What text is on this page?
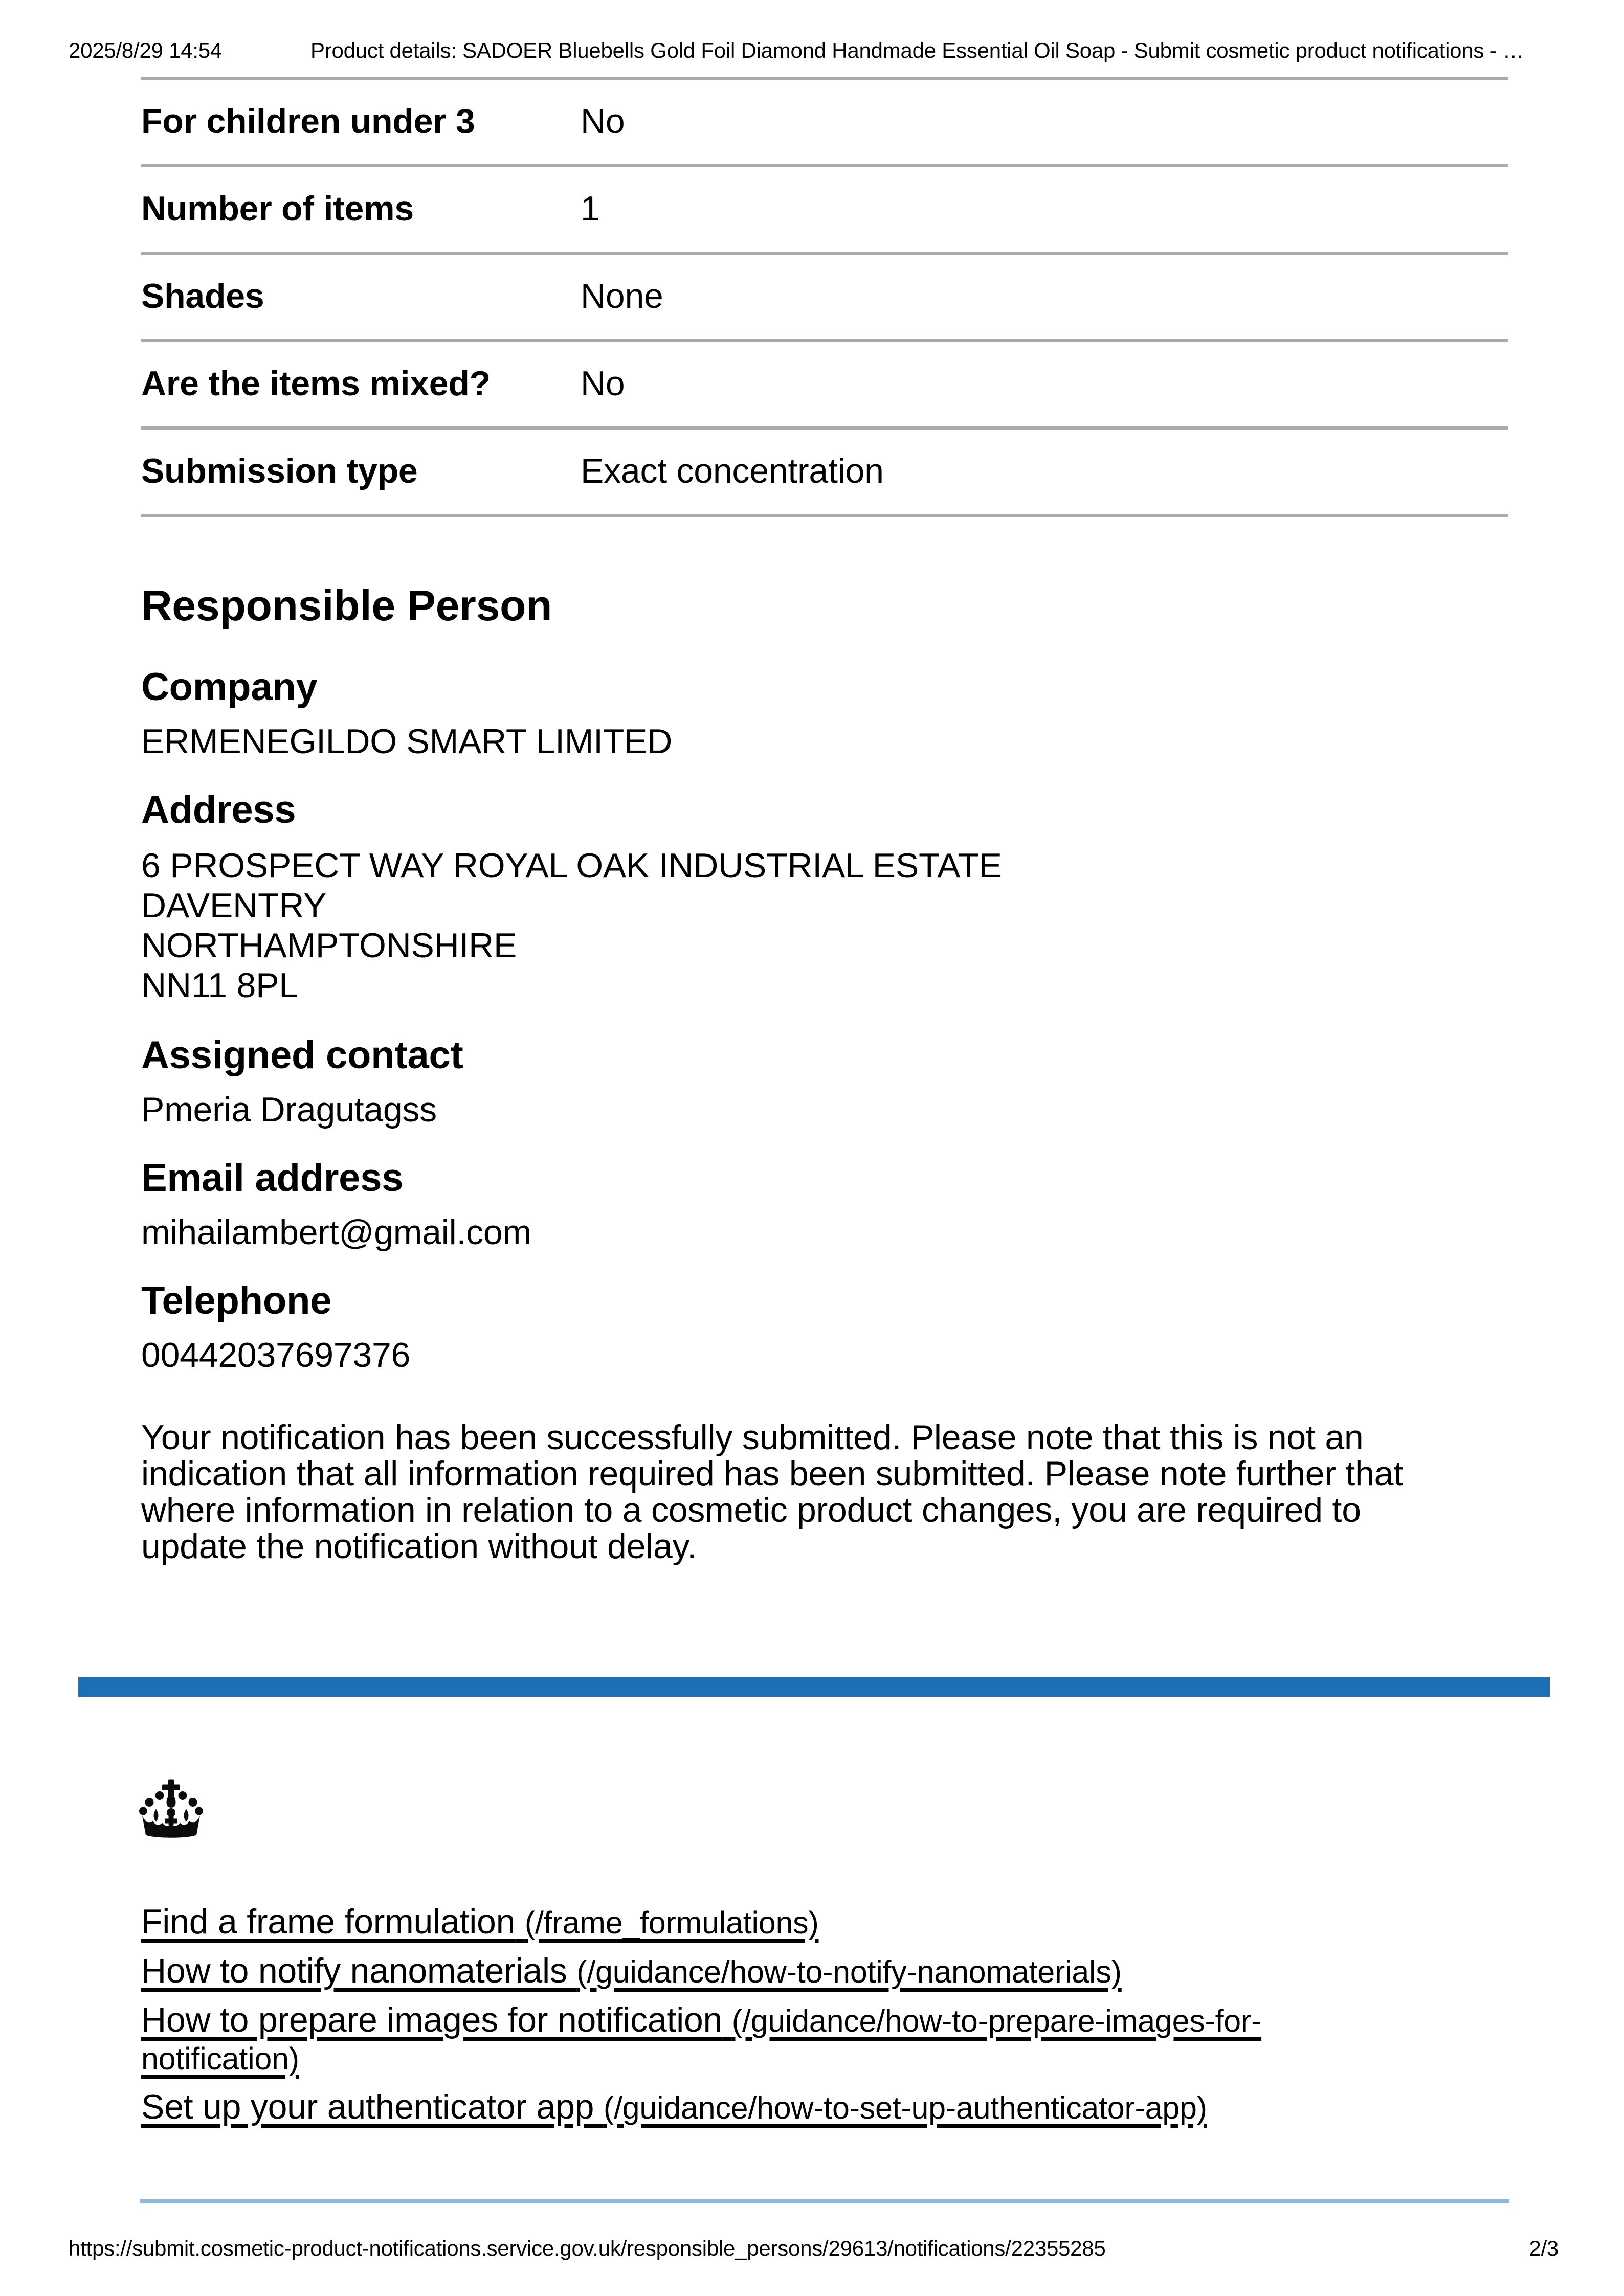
2025/8/29 14:54	Product details: SADOER Bluebells Gold Foil Diamond Handmade Essential Oil Soap - Submit cosmetic product notifications - …
For children under 3	No
Number of items	1
Shades	None
Are the items mixed?	No
Submission type	Exact concentration
Responsible Person
Company
ERMENEGILDO SMART LIMITED
Address
6 PROSPECT WAY ROYAL OAK INDUSTRIAL ESTATE
DAVENTRY
NORTHAMPTONSHIRE
NN11 8PL
Assigned contact
Pmeria Dragutagss
Email address
mihailambert@gmail.com
Telephone
00442037697376
Your notification has been successfully submitted. Please note that this is not an indication that all information required has been submitted. Please note further that where information in relation to a cosmetic product changes, you are required to update the notification without delay.
Find a frame formulation (/frame_formulations)
How to notify nanomaterials (/guidance/how-to-notify-nanomaterials)
How to prepare images for notification (/guidance/how-to-prepare-images-for-notification)
Set up your authenticator app (/guidance/how-to-set-up-authenticator-app)
https://submit.cosmetic-product-notifications.service.gov.uk/responsible_persons/29613/notifications/22355285	2/3
